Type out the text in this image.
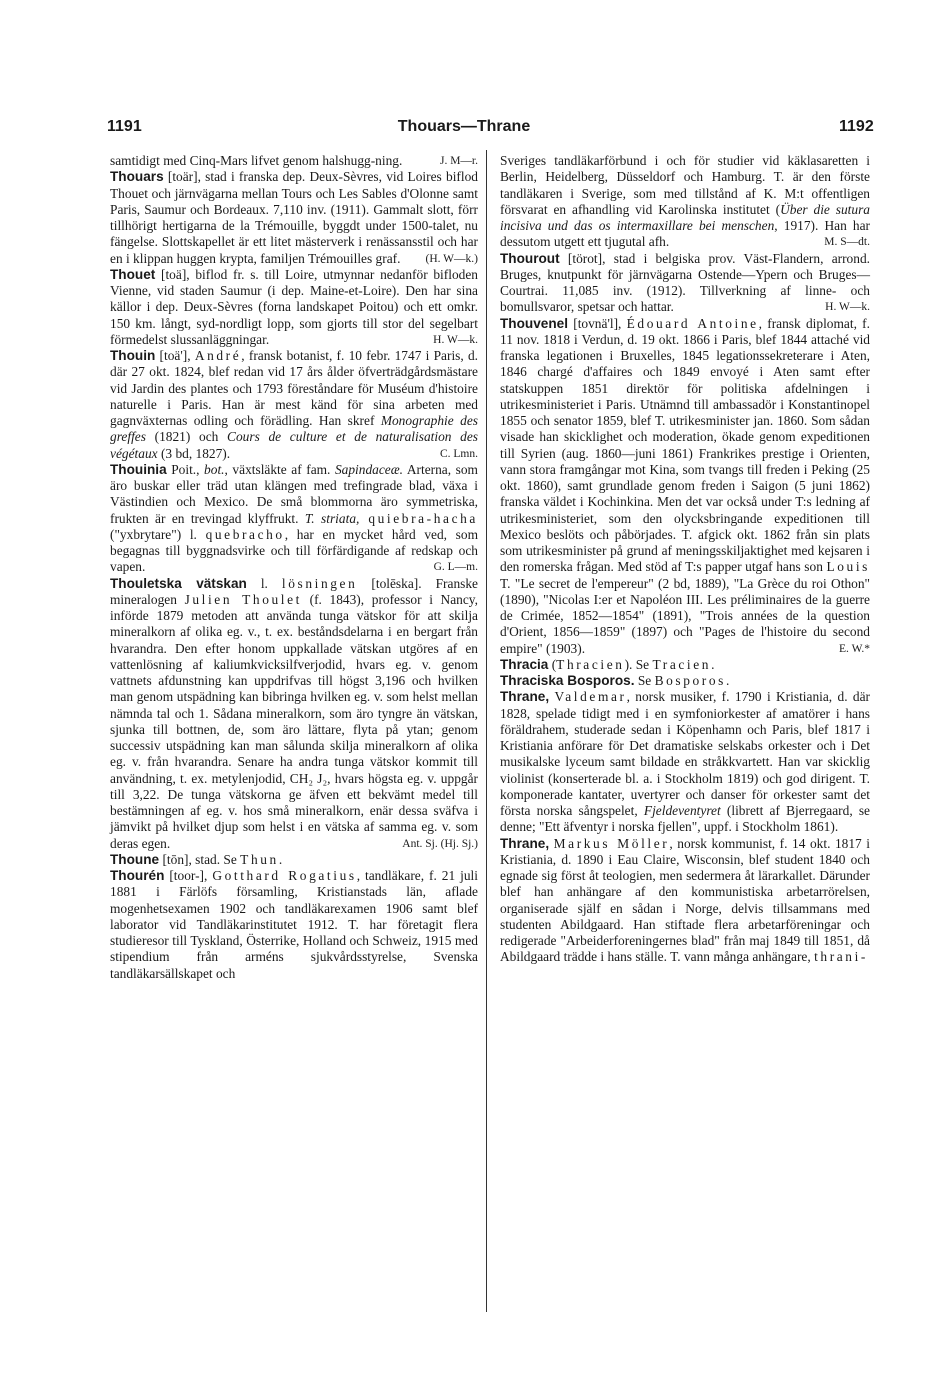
1191	Thouars—Thrane	1192

samtidigt med Cinq-Mars lifvet genom halshugg-ning.	J. M—r.

Thouars [toär], stad i franska dep. Deux-Sèvres, vid Loires biflod Thouet och järnvägarna mellan Tours och Les Sables d'Olonne samt Paris, Saumur och Bordeaux. 7,110 inv. (1911). Gammalt slott, förr tillhörigt hertigarna de la Trémouille, byggdt under 1500-talet, nu fängelse. Slottskapellet är ett litet mästerverk i renässansstil och har en i klippan huggen krypta, familjen Trémouilles graf. (H. W—k.)

Thouet [toä], biflod fr. s. till Loire, utmynnar nedanför bifloden Vienne, vid staden Saumur (i dep. Maine-et-Loire). Den har sina källor i dep. Deux-Sèvres (forna landskapet Poitou) och ett omkr. 150 km. långt, syd-nordligt lopp, som gjorts till stor del segelbart förmedelst slussanläggningar.	H. W—k.

Thouin [toä'], André, fransk botanist, f. 10 febr. 1747 i Paris, d. där 27 okt. 1824, blef redan vid 17 års ålder öfverträdgårdsmästare vid Jardin des plantes och 1793 föreståndare för Muséum d'histoire naturelle i Paris. Han är mest känd för sina arbeten med gagnväxternas odling och förädling. Han skref Monographie des greffes (1821) och Cours de culture et de naturalisation des végétaux (3 bd, 1827).	C. Lmn.

Thouinia Poit., bot., växtsläkte af fam. Sapindaceæ. Arterna, som äro buskar eller träd utan klängen med trefingrade blad, växa i Västindien och Mexico. De små blommorna äro symmetriska, frukten är en trevingad klyffrukt. T. striata, quiebra-hacha ("yxbrytare") l. quebracho, har en mycket hård ved, som begagnas till byggnadsvirke och till förfärdigande af redskap och vapen.	G. L—m.

Thouletska vätskan l. lösningen [tolēska]. Franske mineralogen Julien Thoulet (f. 1843), professor i Nancy, införde 1879 metoden att använda tunga vätskor för att skilja mineralkorn af olika eg. v., t. ex. beståndsdelarna i en bergart från hvarandra. Den efter honom uppkallade vätskan utgöres af en vattenlösning af kaliumkvicksilfverjodid, hvars eg. v. genom vattnets afdunstning kan uppdrifvas till högst 3,196 och hvilken man genom utspädning kan bibringa hvilken eg. v. som helst mellan nämnda tal och 1. Sådana mineralkorn, som äro tyngre än vätskan, sjunka till bottnen, de, som äro lättare, flyta på ytan; genom successiv utspädning kan man sålunda skilja mineralkorn af olika eg. v. från hvarandra. Senare ha andra tunga vätskor kommit till användning, t. ex. metylenjodid, CH₂ J₂, hvars högsta eg. v. uppgår till 3,22. De tunga vätskorna ge äfven ett bekvämt medel till bestämningen af eg. v. hos små mineralkorn, enär dessa sväfva i jämvikt på hvilket djup som helst i en vätska af samma eg. v. som deras egen.	Ant. Sj. (Hj. Sj.)

Thoune [tōn], stad. Se Thun.

Thourén [toor-], Gotthard Rogatius, tandläkare, f. 21 juli 1881 i Färlöfs församling, Kristianstads län, aflade mogenhetsexamen 1902 och tandläkarexamen 1906 samt blef laborator vid Tandläkarinstitutet 1912. T. har företagit flera studieresor till Tyskland, Österrike, Holland och Schweiz, 1915 med stipendium från arméns sjukvårdsstyrelse, Svenska tandläkarsällskapet och

Sveriges tandläkarförbund i och för studier vid käklasaretten i Berlin, Heidelberg, Düsseldorf och Hamburg. T. är den förste tandläkaren i Sverige, som med tillstånd af K. M:t offentligen försvarat en afhandling vid Karolinska institutet (Über die sutura incisiva und das os intermaxillare bei menschen, 1917). Han har dessutom utgett ett tjugutal afh.	M. S—dt.

Thourout [törot], stad i belgiska prov. Väst-Flandern, arrond. Bruges, knutpunkt för järnvägarna Ostende—Ypern och Bruges—Courtrai. 11,085 inv. (1912). Tillverkning af linne- och bomullsvaror, spetsar och hattar.	H. W—k.

Thouvenel [tovnä'l], Édouard Antoine, fransk diplomat, f. 11 nov. 1818 i Verdun, d. 19 okt. 1866 i Paris, blef 1844 attaché vid franska legationen i Bruxelles, 1845 legationssekreterare i Aten, 1846 chargé d'affaires och 1849 envoyé i Aten samt efter statskuppen 1851 direktör för politiska afdelningen i utrikesministeriet i Paris. Utnämnd till ambassadör i Konstantinopel 1855 och senator 1859, blef T. utrikesminister jan. 1860. Som sådan visade han skicklighet och moderation, ökade genom expeditionen till Syrien (aug. 1860—juni 1861) Frankrikes prestige i Orienten, vann stora framgångar mot Kina, som tvangs till freden i Peking (25 okt. 1860), samt grundlade genom freden i Saigon (5 juni 1862) franska väldet i Kochinkina. Men det var också under T:s ledning af utrikesministeriet, som den olycksbringande expeditionen till Mexico beslöts och påbörjades. T. afgick okt. 1862 från sin plats som utrikesminister på grund af meningsskiljaktighet med kejsaren i den romerska frågan. Med stöd af T:s papper utgaf hans son Louis T. "Le secret de l'empereur" (2 bd, 1889), "La Grèce du roi Othon" (1890), "Nicolas I:er et Napoléon III. Les préliminaires de la guerre de Crimée, 1852—1854" (1891), "Trois années de la question d'Orient, 1856—1859" (1897) och "Pages de l'histoire du second empire" (1903).	E. W.*

Thracia (Thracien). Se Tracien.

Thraciska Bosporos. Se Bosporos.

Thrane, Valdemar, norsk musiker, f. 1790 i Kristiania, d. där 1828, spelade tidigt med i en symfoniorkester af amatörer i hans föräldrahem, studerade sedan i Köpenhamn och Paris, blef 1817 i Kristiania anförare för Det dramatiske selskabs orkester och i Det musikalske lyceum samt bildade en stråkkvartett. Han var skicklig violinist (konserterade bl. a. i Stockholm 1819) och god dirigent. T. komponerade kantater, uvertyrer och danser för orkester samt det första norska sångspelet, Fjeldeventyret (librett af Bjerregaard, se denne; "Ett äfventyr i norska fjellen", uppf. i Stockholm 1861).

Thrane, Markus Möller, norsk kommunist, f. 14 okt. 1817 i Kristiania, d. 1890 i Eau Claire, Wisconsin, blef student 1840 och egnade sig först åt teologien, men sedermera åt lärarkallet. Därunder blef han anhängare af den kommunistiska arbetarrörelsen, organiserade själf en sådan i Norge, delvis tillsammans med studenten Abildgaard. Han stiftade flera arbetarföreningar och redigerade "Arbeiderforeningernes blad" från maj 1849 till 1851, då Abildgaard trädde i hans ställe. T. vann många anhängare, thrani-
